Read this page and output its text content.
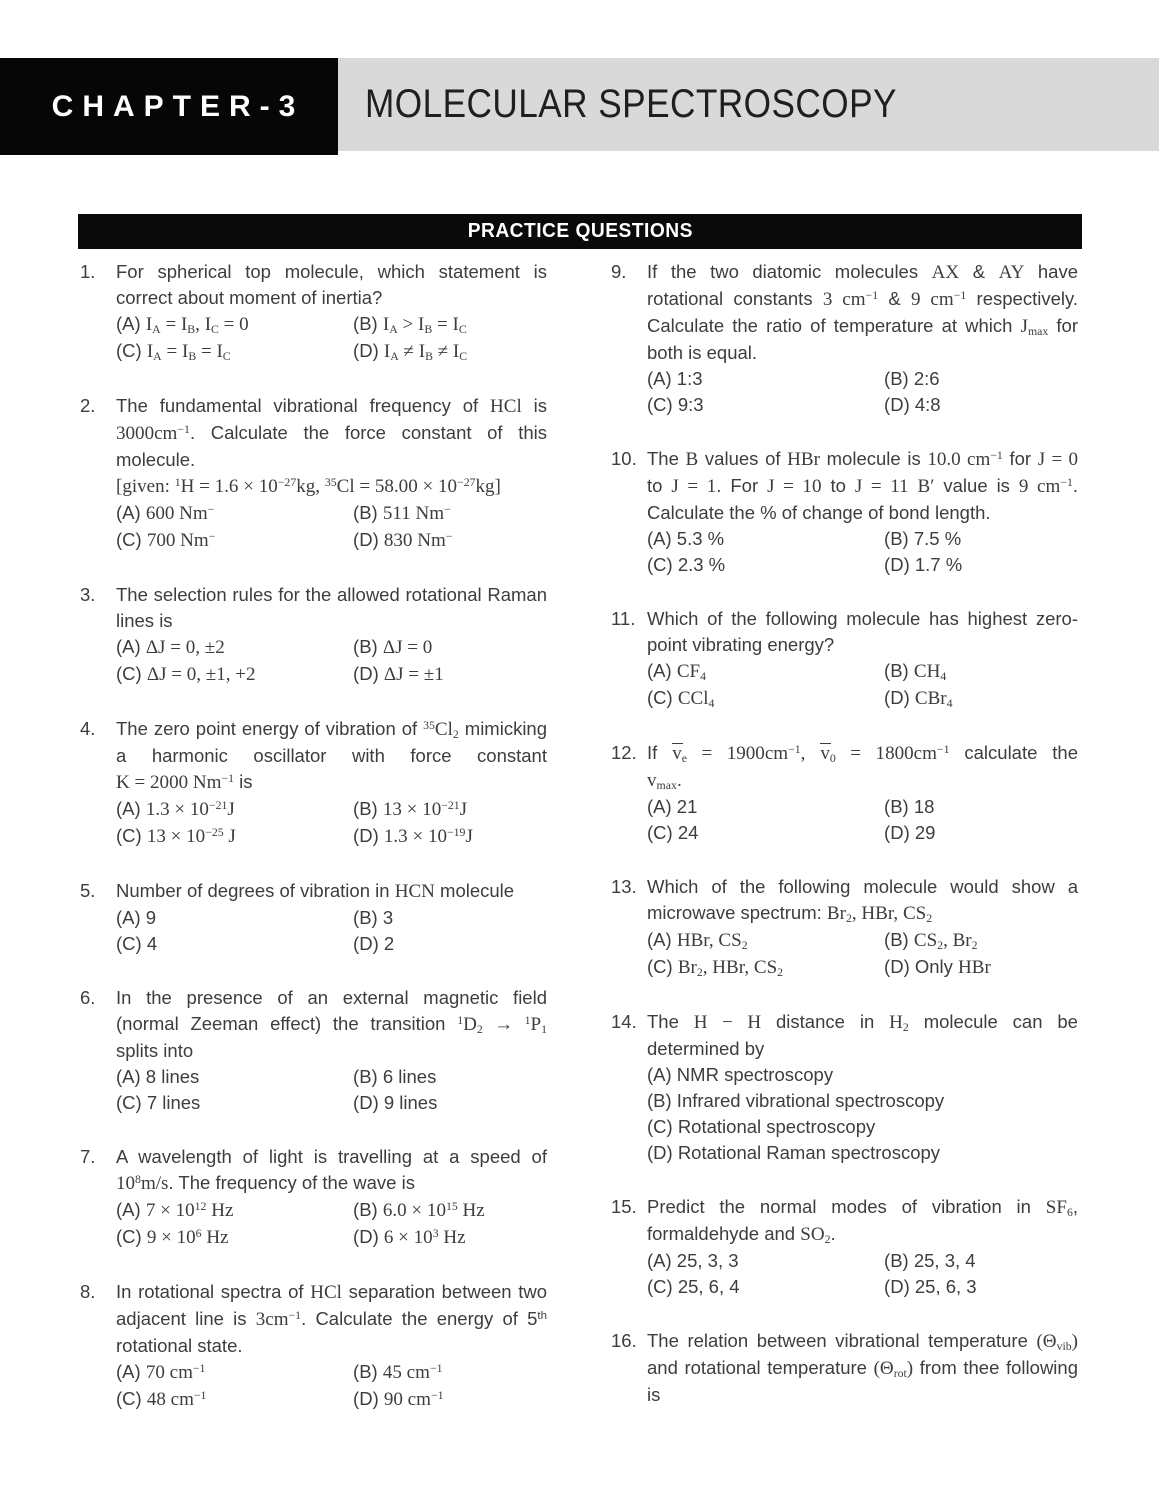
CHAPTER-3 MOLECULAR SPECTROSCOPY
PRACTICE QUESTIONS
1.	For spherical top molecule, which statement is correct about moment of inertia?
(A) $I_A = I_B$, $I_C = 0$	(B) $I_A > I_B = I_C$
(C) $I_A = I_B = I_C$	(D) $I_A \ne I_B \ne I_C$
2.	The fundamental vibrational frequency of HCl is $3000cm^{-1}$. Calculate the force constant of this molecule.
[given: $^1H = 1.6 \times 10^{-27}kg$, $^{35}Cl = 58.00 \times 10^{-27}kg$]
(A) 600 Nm−	(B) 511 Nm−
(C) 700 Nm−	(D) 830 Nm−
3.	The selection rules for the allowed rotational Raman lines is
(A) ΔJ = 0, ±2	(B) ΔJ = 0
(C) ΔJ = 0, ±1, +2	(D) ΔJ = ±1
4.	The zero point energy of vibration of $^{35}Cl_2$ mimicking a harmonic oscillator with force constant K = 2000 $Nm^{-1}$ is
(A) $1.3 \times 10^{-21}J$	(B) $13 \times 10^{-21}J$
(C) $13 \times 10^{-25}$ J	(D) $1.3 \times 10^{-19}J$
5.	Number of degrees of vibration in HCN molecule
(A) 9	(B) 3
(C) 4	(D) 2
6.	In the presence of an external magnetic field (normal Zeeman effect) the transition $^1D_2 \to ^1P_1$ splits into
(A) 8 lines	(B) 6 lines
(C) 7 lines	(D) 9 lines
7.	A wavelength of light is travelling at a speed of $10^8m/s$. The frequency of the wave is
(A) $7 \times 10^{12}$ Hz	(B) $6.0 \times 10^{15}$ Hz
(C) $9 \times 10^6$ Hz	(D) $6 \times 10^3$ Hz
8.	In rotational spectra of HCl separation between two adjacent line is $3cm^{-1}$. Calculate the energy of 5th rotational state.
(A) 70 $cm^{-1}$	(B) 45 $cm^{-1}$
(C) 48 $cm^{-1}$	(D) 90 $cm^{-1}$
9.	If the two diatomic molecules AX & AY have rotational constants 3 $cm^{-1}$ & 9 $cm^{-1}$ respectively. Calculate the ratio of temperature at which $J_{max}$ for both is equal.
(A) 1:3	(B) 2:6
(C) 9:3	(D) 4:8
10. The B values of HBr molecule is 10.0 $cm^{-1}$ for J = 0 to J = 1. For J = 10 to J = 11 B′ value is 9 $cm^{-1}$. Calculate the % of change of bond length.
(A) 5.3 %	(B) 7.5 %
(C) 2.3 %	(D) 1.7 %
11. Which of the following molecule has highest zero-point vibrating energy?
(A) $CF_4$	(B) $CH_4$
(C) CCl$_4$	(D) CBr$_4$
12. If $v_e = 1900cm^{-1}$, $v_0 = 1800cm^{-1}$ calculate thev$_{max}$.
(A) 21	(B) 18
(C) 24	(D) 29
13. Which of the following molecule would show a microwave spectrum: $Br_2$, HBr, $CS_2$
(A) HBr, $CS_2$	(B) $CS_2$, $Br_2$
(C) $Br_2$, HBr, $CS_2$	(D) Only HBr
14. The H − H distance in $H_2$ molecule can be determined by
(A) NMR spectroscopy
(B) Infrared vibrational spectroscopy
(C) Rotational spectroscopy
(D) Rotational Raman spectroscopy
15. Predict the normal modes of vibration in $SF_6$, formaldehyde and $SO_2$.
(A) 25, 3, 3	(B) 25, 3, 4
(C) 25, 6, 4	(D) 25, 6, 3
16. The relation between vibrational temperature $(\Theta_{vib})$ and rotational temperature $(\Theta_{rot})$ from thee following is
